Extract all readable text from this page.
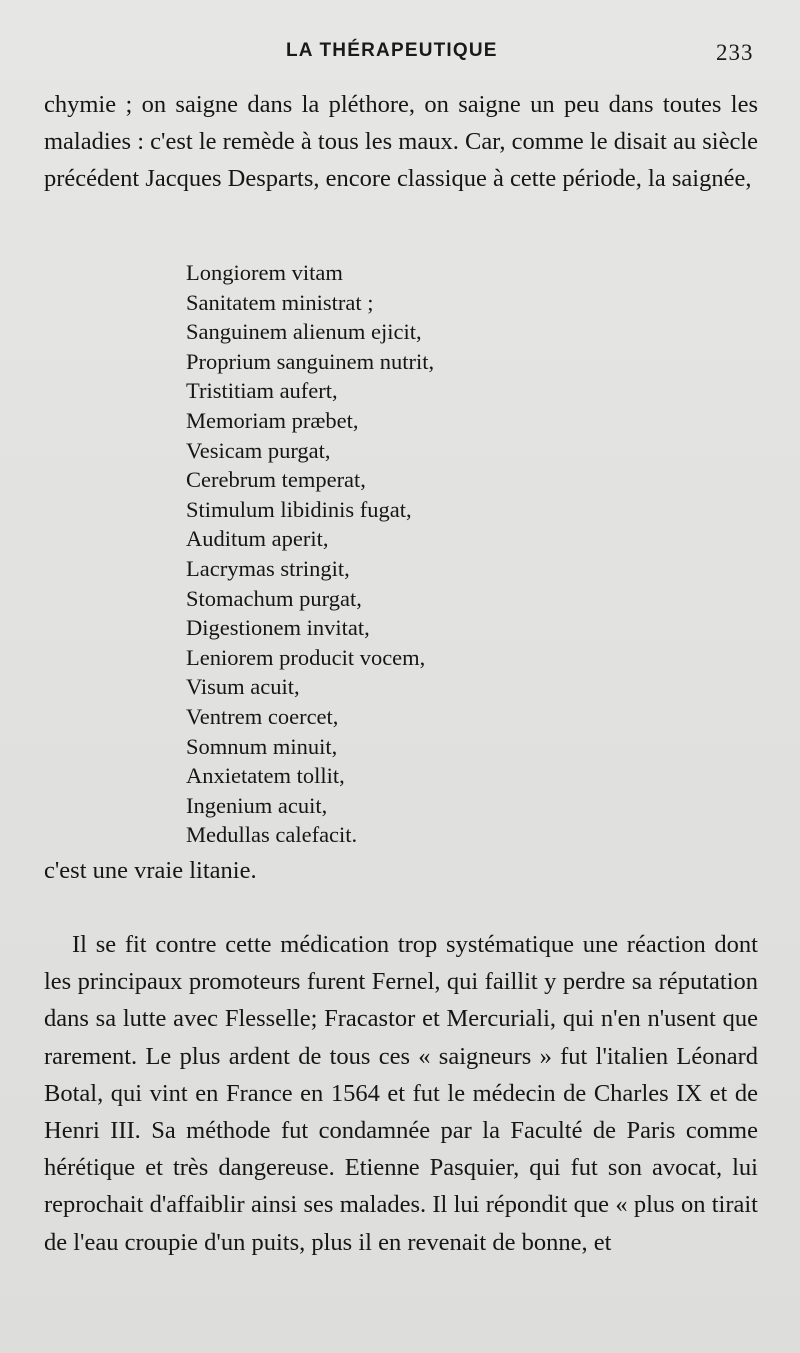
LA THÉRAPEUTIQUE	233

chymie ; on saigne dans la pléthore, on saigne un peu dans toutes les maladies : c'est le remède à tous les maux. Car, comme le disait au siècle précédent Jacques Desparts, encore classique à cette période, la saignée,

Longiorem vitam
Sanitatem ministrat ;
Sanguinem alienum ejicit,
Proprium sanguinem nutrit,
Tristitiam aufert,
Memoriam præbet,
Vesicam purgat,
Cerebrum temperat,
Stimulum libidinis fugat,
Auditum aperit,
Lacrymas stringit,
Stomachum purgat,
Digestionem invitat,
Leniorem producit vocem,
Visum acuit,
Ventrem coercet,
Somnum minuit,
Anxietatem tollit,
Ingenium acuit,
Medullas calefacit.

c'est une vraie litanie.

Il se fit contre cette médication trop systématique une réaction dont les principaux promoteurs furent Fernel, qui faillit y perdre sa réputation dans sa lutte avec Flesselle; Fracastor et Mercuriali, qui n'en n'usent que rarement. Le plus ardent de tous ces « saigneurs » fut l'italien Léonard Botal, qui vint en France en 1564 et fut le médecin de Charles IX et de Henri III. Sa méthode fut condamnée par la Faculté de Paris comme hérétique et très dangereuse. Etienne Pasquier, qui fut son avocat, lui reprochait d'affaiblir ainsi ses malades. Il lui répondit que « plus on tirait de l'eau croupie d'un puits, plus il en revenait de bonne, et
